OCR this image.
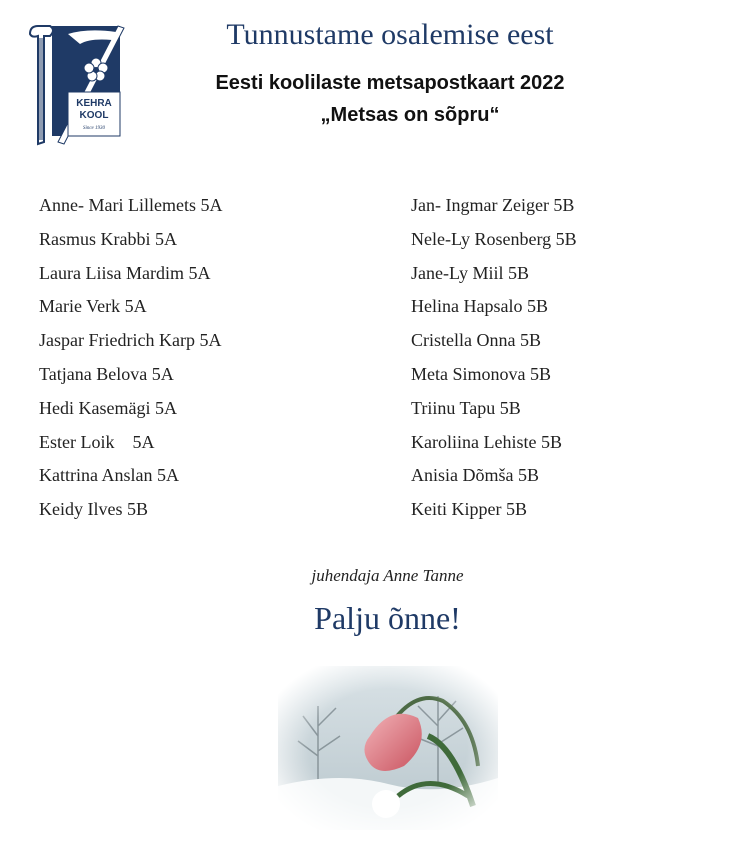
KEHRA
KOOL
Since 1930
Tunnustame osalemise eest

Eesti koolilaste metsapostkaart 2022

„Metsas on sõpru“

Anne- Mari Lillemets 5A
Rasmus Krabbi 5A
Laura Liisa Mardim 5A
Marie Verk 5A
Jaspar Friedrich Karp 5A
Tatjana Belova 5A
Hedi Kasemägi 5A
Ester Loik    5A
Kattrina Anslan 5A
Keidy Ilves 5B
Jan- Ingmar Zeiger 5B
Nele-Ly Rosenberg 5B
Jane-Ly Miil 5B
Helina Hapsalo 5B
Cristella Onna 5B
Meta Simonova 5B
Triinu Tapu 5B
Karoliina Lehiste 5B
Anisia Dõmša 5B
Keiti Kipper 5B
juhendaja Anne Tanne
Palju õnne!
